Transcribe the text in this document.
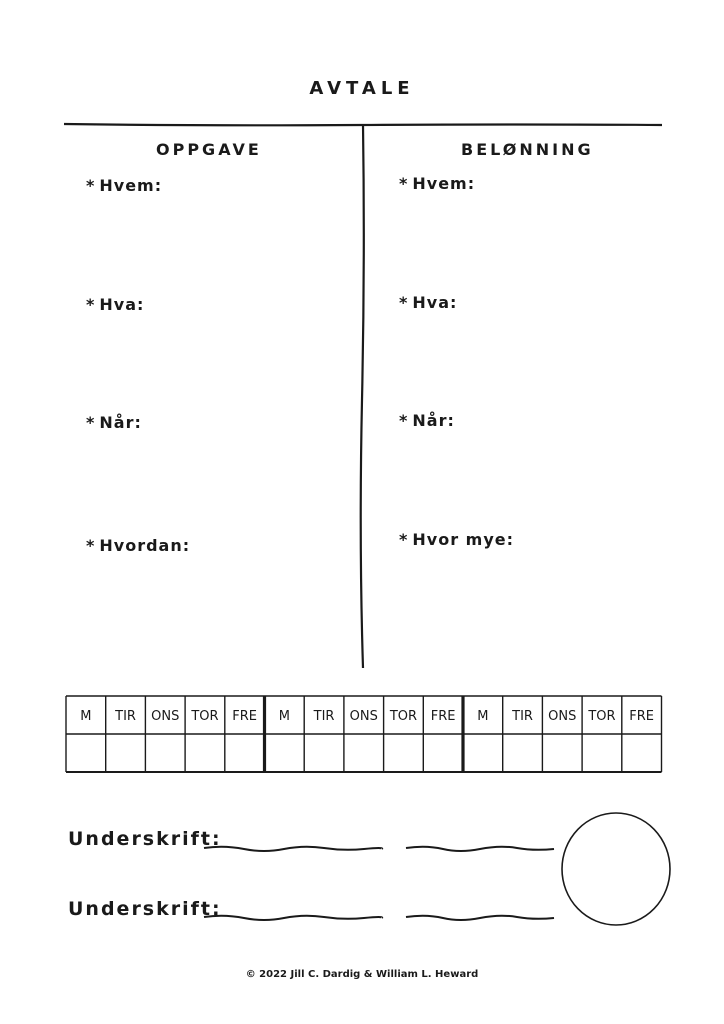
AVTALE
OPPGAVE	BELØNNING
* Hvem:
* Hva:
* Når:
* Hvordan:
* Hvem:
* Hva:
* Når:
* Hvor mye:
M TIR ONS TOR FRE M TIR ONS TOR FRE M TIR ONS TOR FRE
Underskrift:
Underskrift:
© 2022 Jill C. Dardig & William L. Heward
